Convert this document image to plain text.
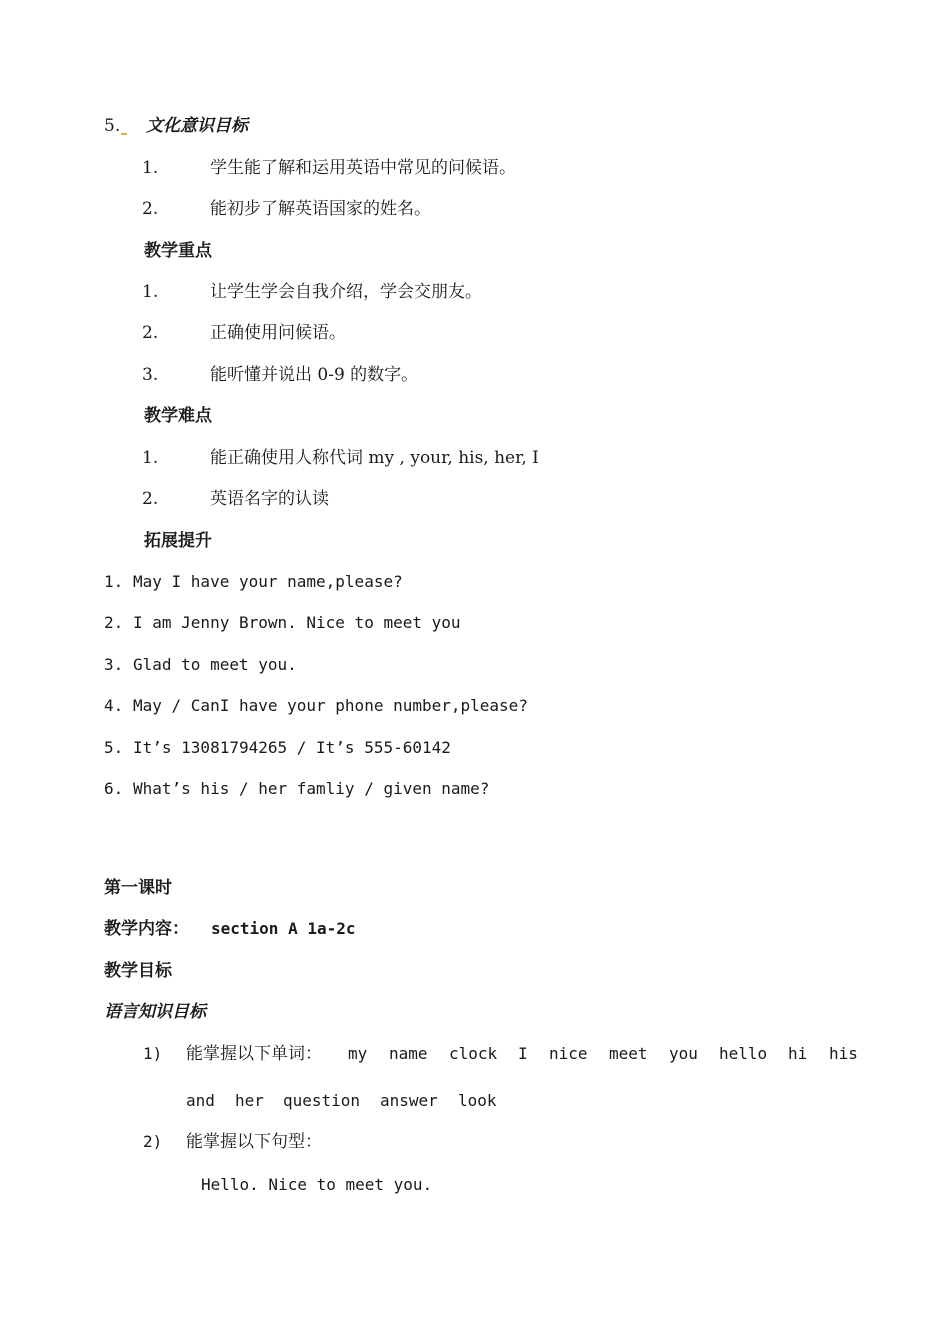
5. 文化意识目标
1.	学生能了解和运用英语中常见的问候语。
2.	能初步了解英语国家的姓名。
教学重点
1.	让学生学会自我介绍，学会交朋友。
2.	正确使用问候语。
3.	能听懂并说出 0-9 的数字。
教学难点
1.	能正确使用人称代词 my , your, his, her, I
2.	英语名字的认读
拓展提升
1. May I have your name,please?
2. I am Jenny Brown. Nice to meet you
3. Glad to meet you.
4. May / CanI have your phone number,please?
5. It’s 13081794265 / It’s 555-60142
6. What’s his / her famliy / given name?
第一课时
教学内容： section A 1a-2c
教学目标
语言知识目标
1) 能掌握以下单词： my name clock I nice meet you hello hi his
and her question answer look
2) 能掌握以下句型：
Hello. Nice to meet you.
